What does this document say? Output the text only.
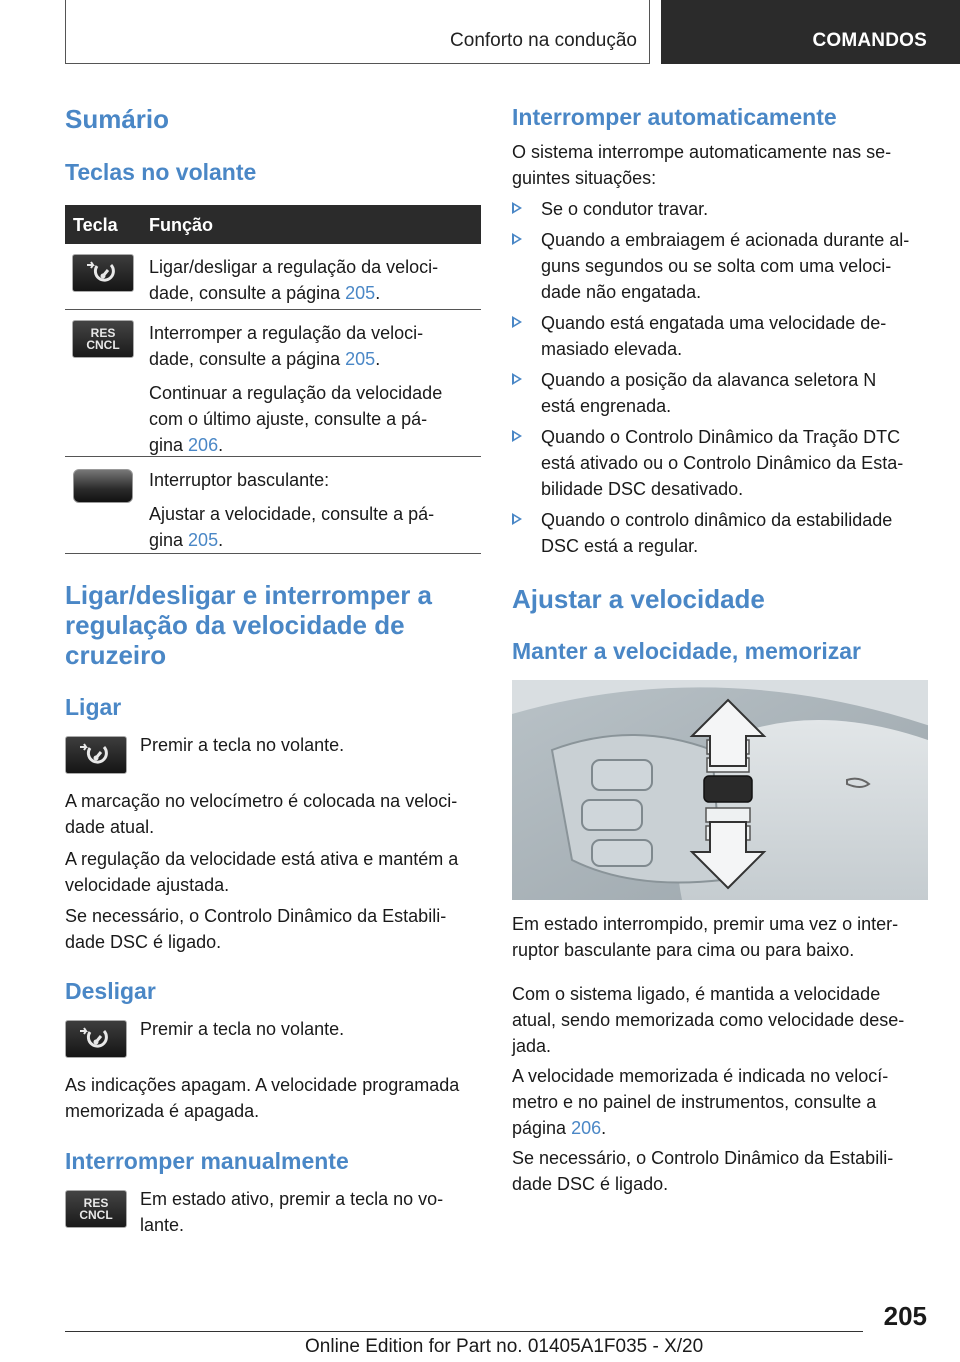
Conforto na condução	COMANDOS
Sumário
Teclas no volante
Tecla Função

Ligar/desligar a regulação da veloci-
dade, consulte a página 205.

RES
CNCL

Interromper a regulação da veloci-
dade, consulte a página 205.

Continuar a regulação da velocidade
com o último ajuste, consulte a pá-
gina 206.

Interruptor basculante:

Ajustar a velocidade, consulte a pá-
gina 205.

Ligar/desligar e interromper a
regulação da velocidade de
cruzeiro
Ligar
Premir a tecla no volante.
A marcação no velocímetro é colocada na veloci-
dade atual.
A regulação da velocidade está ativa e mantém a
velocidade ajustada.
Se necessário, o Controlo Dinâmico da Estabili-
dade DSC é ligado.
Desligar
Premir a tecla no volante.
As indicações apagam. A velocidade programada
memorizada é apagada.
Interromper manualmente
RES
CNCL
Em estado ativo, premir a tecla no vo-
lante.
Interromper automaticamente
O sistema interrompe automaticamente nas se-
guintes situações:
Se o condutor travar.
Quando a embraiagem é acionada durante al-
guns segundos ou se solta com uma veloci-
dade não engatada.
Quando está engatada uma velocidade de-
masiado elevada.
Quando a posição da alavanca seletora N
está engrenada.
Quando o Controlo Dinâmico da Tração DTC
está ativado ou o Controlo Dinâmico da Esta-
bilidade DSC desativado.
Quando o controlo dinâmico da estabilidade
DSC está a regular.
Ajustar a velocidade
Manter a velocidade, memorizar
Em estado interrompido, premir uma vez o inter-
ruptor basculante para cima ou para baixo.
Com o sistema ligado, é mantida a velocidade
atual, sendo memorizada como velocidade dese-
jada.
A velocidade memorizada é indicada no velocí-
metro e no painel de instrumentos, consulte a
página 206.
Se necessário, o Controlo Dinâmico da Estabili-
dade DSC é ligado.
205
Online Edition for Part no. 01405A1F035 - X/20
